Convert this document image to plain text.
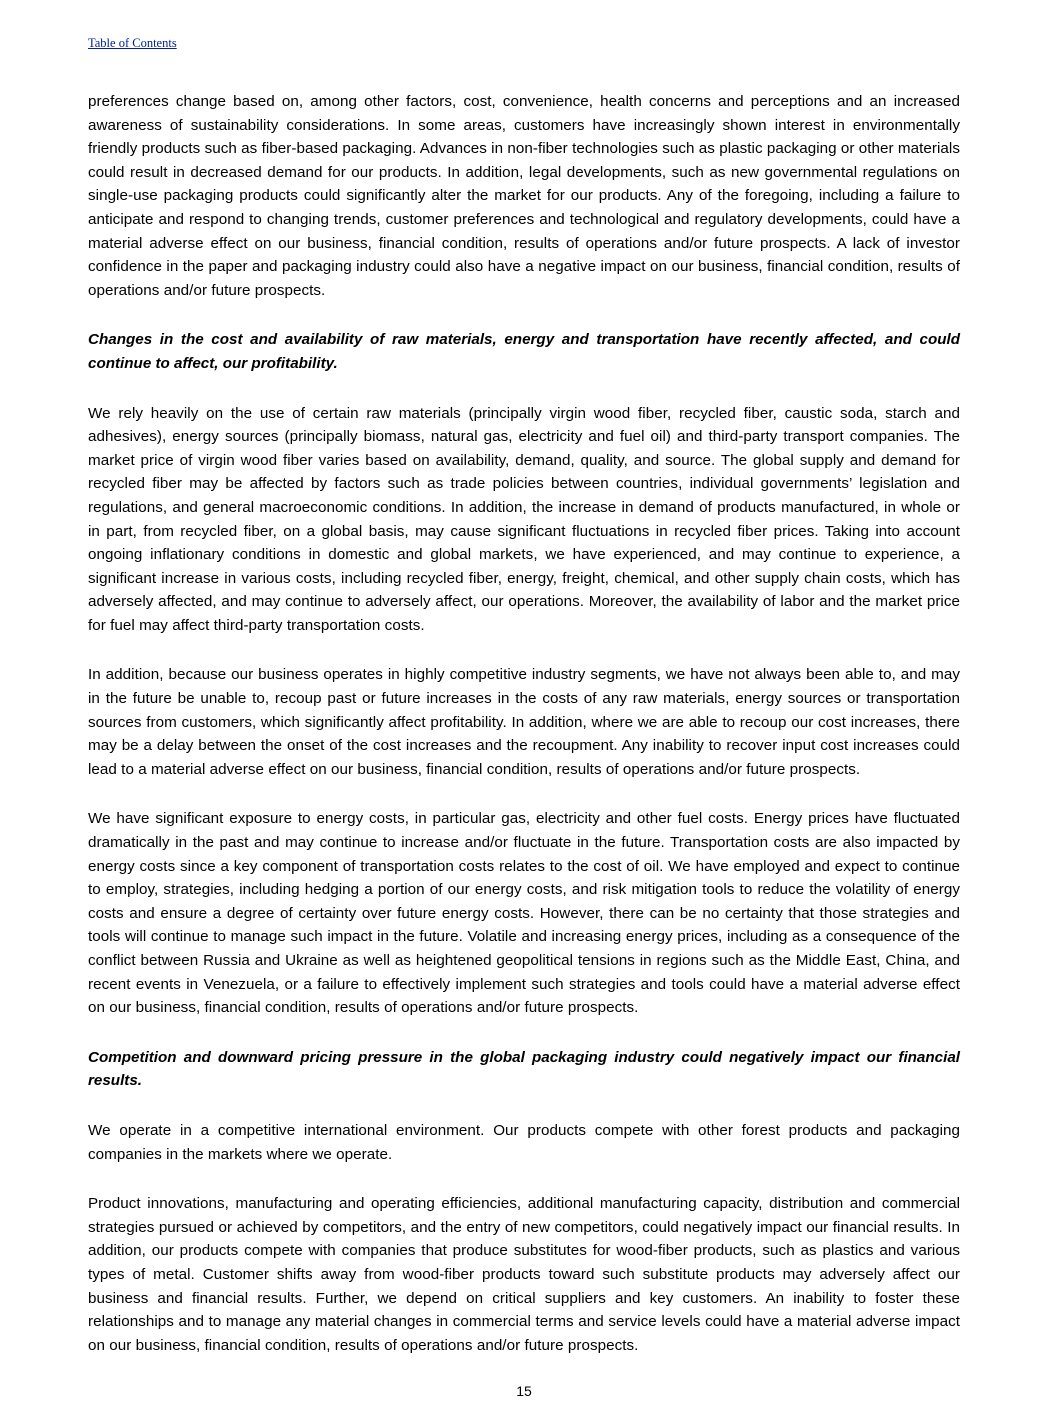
Table of Contents

preferences change based on, among other factors, cost, convenience, health concerns and perceptions and an increased awareness of sustainability considerations. In some areas, customers have increasingly shown interest in environmentally friendly products such as fiber-based packaging. Advances in non-fiber technologies such as plastic packaging or other materials could result in decreased demand for our products. In addition, legal developments, such as new governmental regulations on single-use packaging products could significantly alter the market for our products. Any of the foregoing, including a failure to anticipate and respond to changing trends, customer preferences and technological and regulatory developments, could have a material adverse effect on our business, financial condition, results of operations and/or future prospects. A lack of investor confidence in the paper and packaging industry could also have a negative impact on our business, financial condition, results of operations and/or future prospects.

Changes in the cost and availability of raw materials, energy and transportation have recently affected, and could continue to affect, our profitability.

We rely heavily on the use of certain raw materials (principally virgin wood fiber, recycled fiber, caustic soda, starch and adhesives), energy sources (principally biomass, natural gas, electricity and fuel oil) and third-party transport companies. The market price of virgin wood fiber varies based on availability, demand, quality, and source. The global supply and demand for recycled fiber may be affected by factors such as trade policies between countries, individual governments’ legislation and regulations, and general macroeconomic conditions. In addition, the increase in demand of products manufactured, in whole or in part, from recycled fiber, on a global basis, may cause significant fluctuations in recycled fiber prices. Taking into account ongoing inflationary conditions in domestic and global markets, we have experienced, and may continue to experience, a significant increase in various costs, including recycled fiber, energy, freight, chemical, and other supply chain costs, which has adversely affected, and may continue to adversely affect, our operations. Moreover, the availability of labor and the market price for fuel may affect third-party transportation costs.

In addition, because our business operates in highly competitive industry segments, we have not always been able to, and may in the future be unable to, recoup past or future increases in the costs of any raw materials, energy sources or transportation sources from customers, which significantly affect profitability. In addition, where we are able to recoup our cost increases, there may be a delay between the onset of the cost increases and the recoupment. Any inability to recover input cost increases could lead to a material adverse effect on our business, financial condition, results of operations and/or future prospects.

We have significant exposure to energy costs, in particular gas, electricity and other fuel costs. Energy prices have fluctuated dramatically in the past and may continue to increase and/or fluctuate in the future. Transportation costs are also impacted by energy costs since a key component of transportation costs relates to the cost of oil. We have employed and expect to continue to employ, strategies, including hedging a portion of our energy costs, and risk mitigation tools to reduce the volatility of energy costs and ensure a degree of certainty over future energy costs. However, there can be no certainty that those strategies and tools will continue to manage such impact in the future. Volatile and increasing energy prices, including as a consequence of the conflict between Russia and Ukraine as well as heightened geopolitical tensions in regions such as the Middle East, China, and recent events in Venezuela, or a failure to effectively implement such strategies and tools could have a material adverse effect on our business, financial condition, results of operations and/or future prospects.

Competition and downward pricing pressure in the global packaging industry could negatively impact our financial results.

We operate in a competitive international environment. Our products compete with other forest products and packaging companies in the markets where we operate.

Product innovations, manufacturing and operating efficiencies, additional manufacturing capacity, distribution and commercial strategies pursued or achieved by competitors, and the entry of new competitors, could negatively impact our financial results. In addition, our products compete with companies that produce substitutes for wood-fiber products, such as plastics and various types of metal. Customer shifts away from wood-fiber products toward such substitute products may adversely affect our business and financial results. Further, we depend on critical suppliers and key customers. An inability to foster these relationships and to manage any material changes in commercial terms and service levels could have a material adverse impact on our business, financial condition, results of operations and/or future prospects.

15
